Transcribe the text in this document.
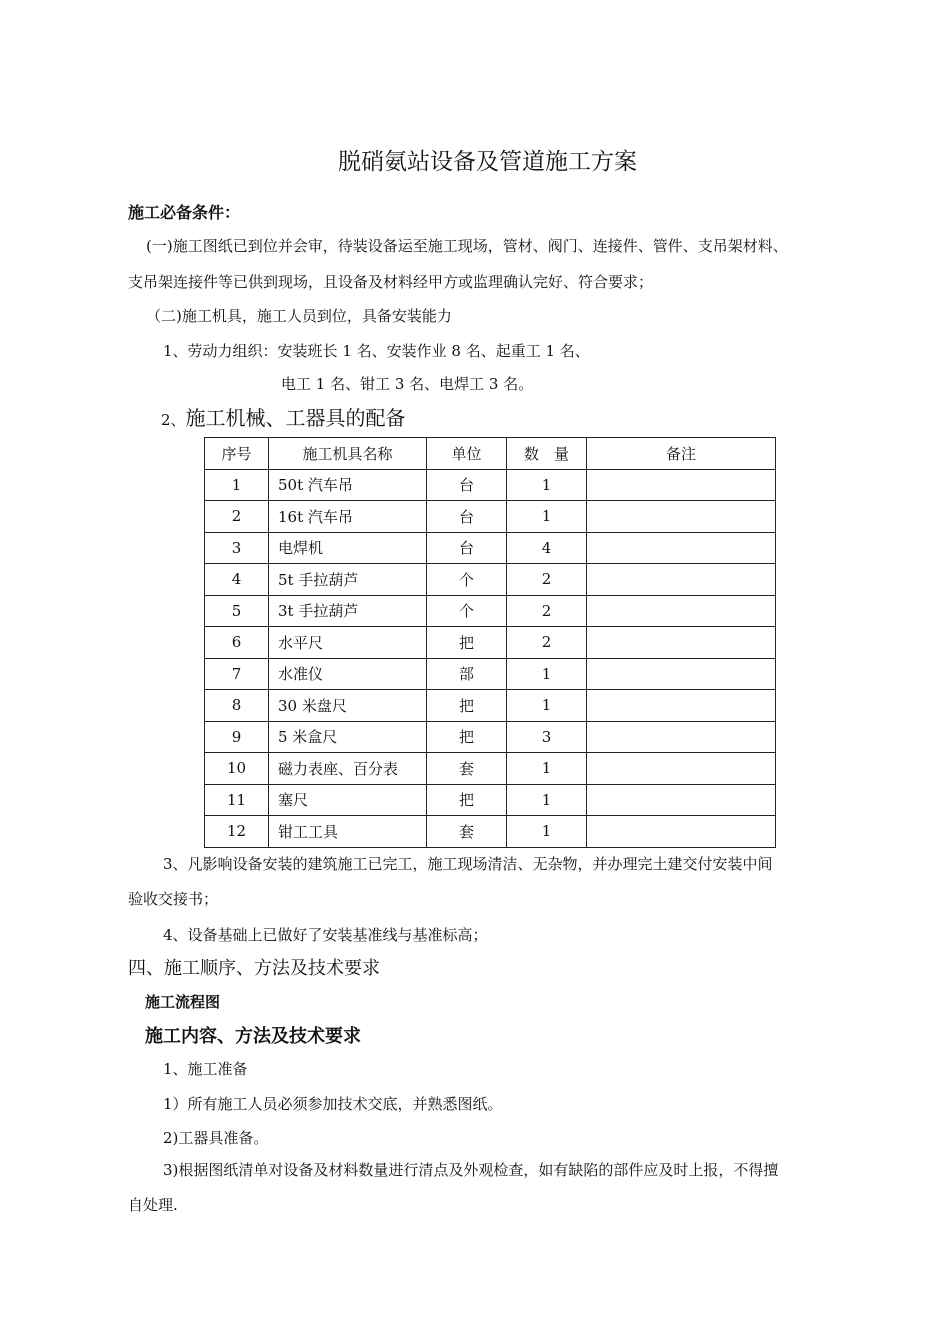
脱硝氨站设备及管道施工方案
施工必备条件：
(一)施工图纸已到位并会审，待装设备运至施工现场，管材、阀门、连接件、管件、支吊架材料、
支吊架连接件等已供到现场，且设备及材料经甲方或监理确认完好、符合要求；
（二)施工机具，施工人员到位，具备安装能力
1、劳动力组织：安装班长 1 名、安装作业 8 名、起重工 1 名、
电工 1 名、钳工 3 名、电焊工 3 名。
2、施工机械、工器具的配备
序号	施工机具名称	单位	数　量	备注
1	50t 汽车吊	台	1	
2	16t 汽车吊	台	1	
3	电焊机	台	4	
4	5t 手拉葫芦	个	2	
5	3t 手拉葫芦	个	2	
6	水平尺	把	2	
7	水准仪	部	1	
8	30 米盘尺	把	1	
9	5 米盒尺	把	3	
10	磁力表座、百分表	套	1	
11	塞尺	把	1	
12	钳工工具	套	1	
3、凡影响设备安装的建筑施工已完工，施工现场清洁、无杂物，并办理完土建交付安装中间
验收交接书；
4、设备基础上已做好了安装基准线与基准标高；
四、施工顺序、方法及技术要求
施工流程图
施工内容、方法及技术要求
1、施工准备
1）所有施工人员必须参加技术交底，并熟悉图纸。
2)工器具准备。
3)根据图纸清单对设备及材料数量进行清点及外观检查，如有缺陷的部件应及时上报，不得擅
自处理.
